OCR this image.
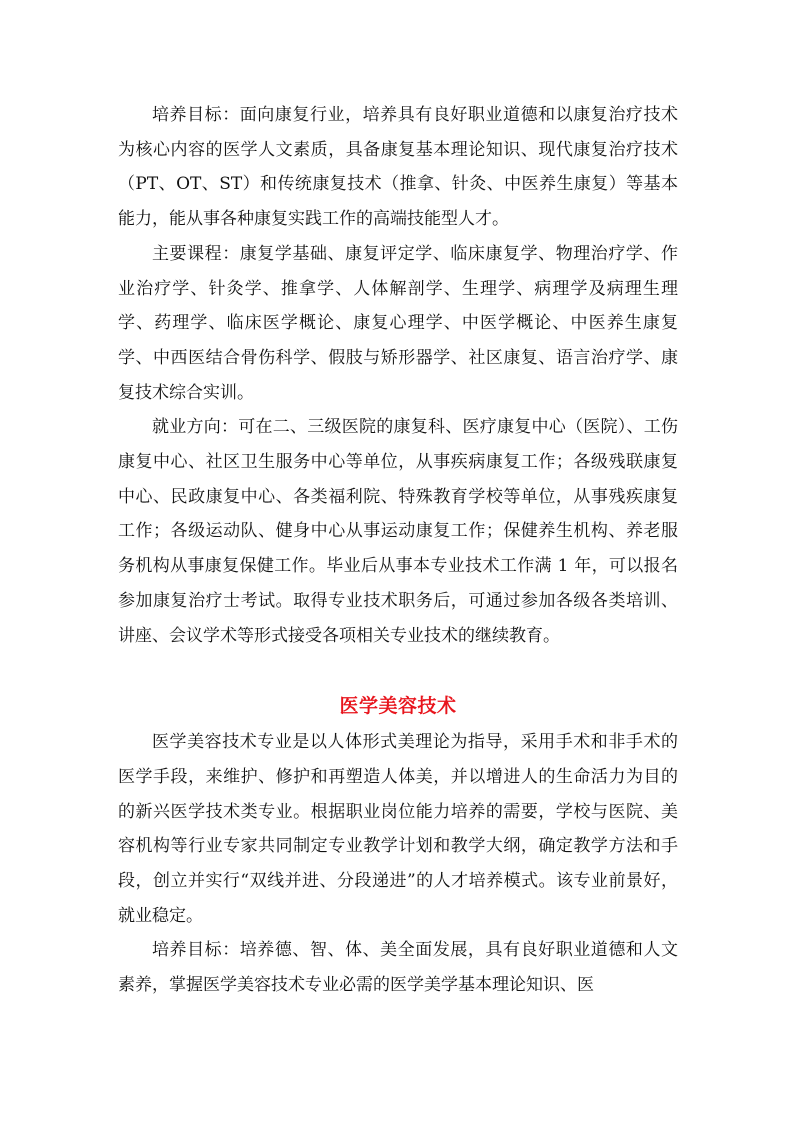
培养目标：面向康复行业，培养具有良好职业道德和以康复治疗技术为核心内容的医学人文素质，具备康复基本理论知识、现代康复治疗技术（PT、OT、ST）和传统康复技术（推拿、针灸、中医养生康复）等基本能力，能从事各种康复实践工作的高端技能型人才。

主要课程：康复学基础、康复评定学、临床康复学、物理治疗学、作业治疗学、针灸学、推拿学、人体解剖学、生理学、病理学及病理生理学、药理学、临床医学概论、康复心理学、中医学概论、中医养生康复学、中西医结合骨伤科学、假肢与矫形器学、社区康复、语言治疗学、康复技术综合实训。

就业方向：可在二、三级医院的康复科、医疗康复中心（医院）、工伤康复中心、社区卫生服务中心等单位，从事疾病康复工作；各级残联康复中心、民政康复中心、各类福利院、特殊教育学校等单位，从事残疾康复工作；各级运动队、健身中心从事运动康复工作；保健养生机构、养老服务机构从事康复保健工作。毕业后从事本专业技术工作满 1 年，可以报名参加康复治疗士考试。取得专业技术职务后，可通过参加各级各类培训、讲座、会议学术等形式接受各项相关专业技术的继续教育。

医学美容技术

医学美容技术专业是以人体形式美理论为指导，采用手术和非手术的医学手段，来维护、修护和再塑造人体美，并以增进人的生命活力为目的的新兴医学技术类专业。根据职业岗位能力培养的需要，学校与医院、美容机构等行业专家共同制定专业教学计划和教学大纲，确定教学方法和手段，创立并实行“双线并进、分段递进”的人才培养模式。该专业前景好，就业稳定。

培养目标：培养德、智、体、美全面发展，具有良好职业道德和人文素养，掌握医学美容技术专业必需的医学美学基本理论知识、医
